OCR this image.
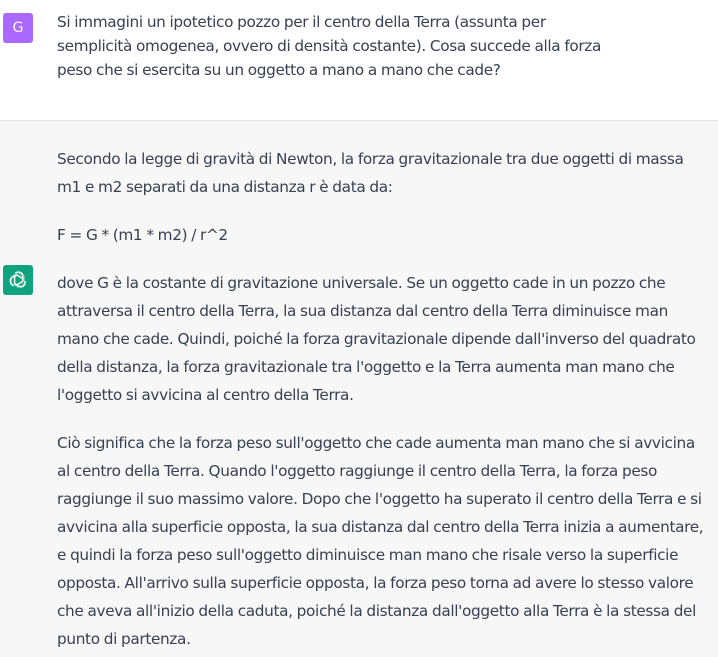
G Si immagini un ipotetico pozzo per il centro della Terra (assunta per semplicità omogenea, ovvero di densità costante). Cosa succede alla forza peso che si esercita su un oggetto a mano a mano che cade?

Secondo la legge di gravità di Newton, la forza gravitazionale tra due oggetti di massa m1 e m2 separati da una distanza r è data da:

F = G * (m1 * m2) / r^2

dove G è la costante di gravitazione universale. Se un oggetto cade in un pozzo che attraversa il centro della Terra, la sua distanza dal centro della Terra diminuisce man mano che cade. Quindi, poiché la forza gravitazionale dipende dall'inverso del quadrato della distanza, la forza gravitazionale tra l'oggetto e la Terra aumenta man mano che l'oggetto si avvicina al centro della Terra.

Ciò significa che la forza peso sull'oggetto che cade aumenta man mano che si avvicina al centro della Terra. Quando l'oggetto raggiunge il centro della Terra, la forza peso raggiunge il suo massimo valore. Dopo che l'oggetto ha superato il centro della Terra e si avvicina alla superficie opposta, la sua distanza dal centro della Terra inizia a aumentare, e quindi la forza peso sull'oggetto diminuisce man mano che risale verso la superficie opposta. All'arrivo sulla superficie opposta, la forza peso torna ad avere lo stesso valore che aveva all'inizio della caduta, poiché la distanza dall'oggetto alla Terra è la stessa del punto di partenza.
